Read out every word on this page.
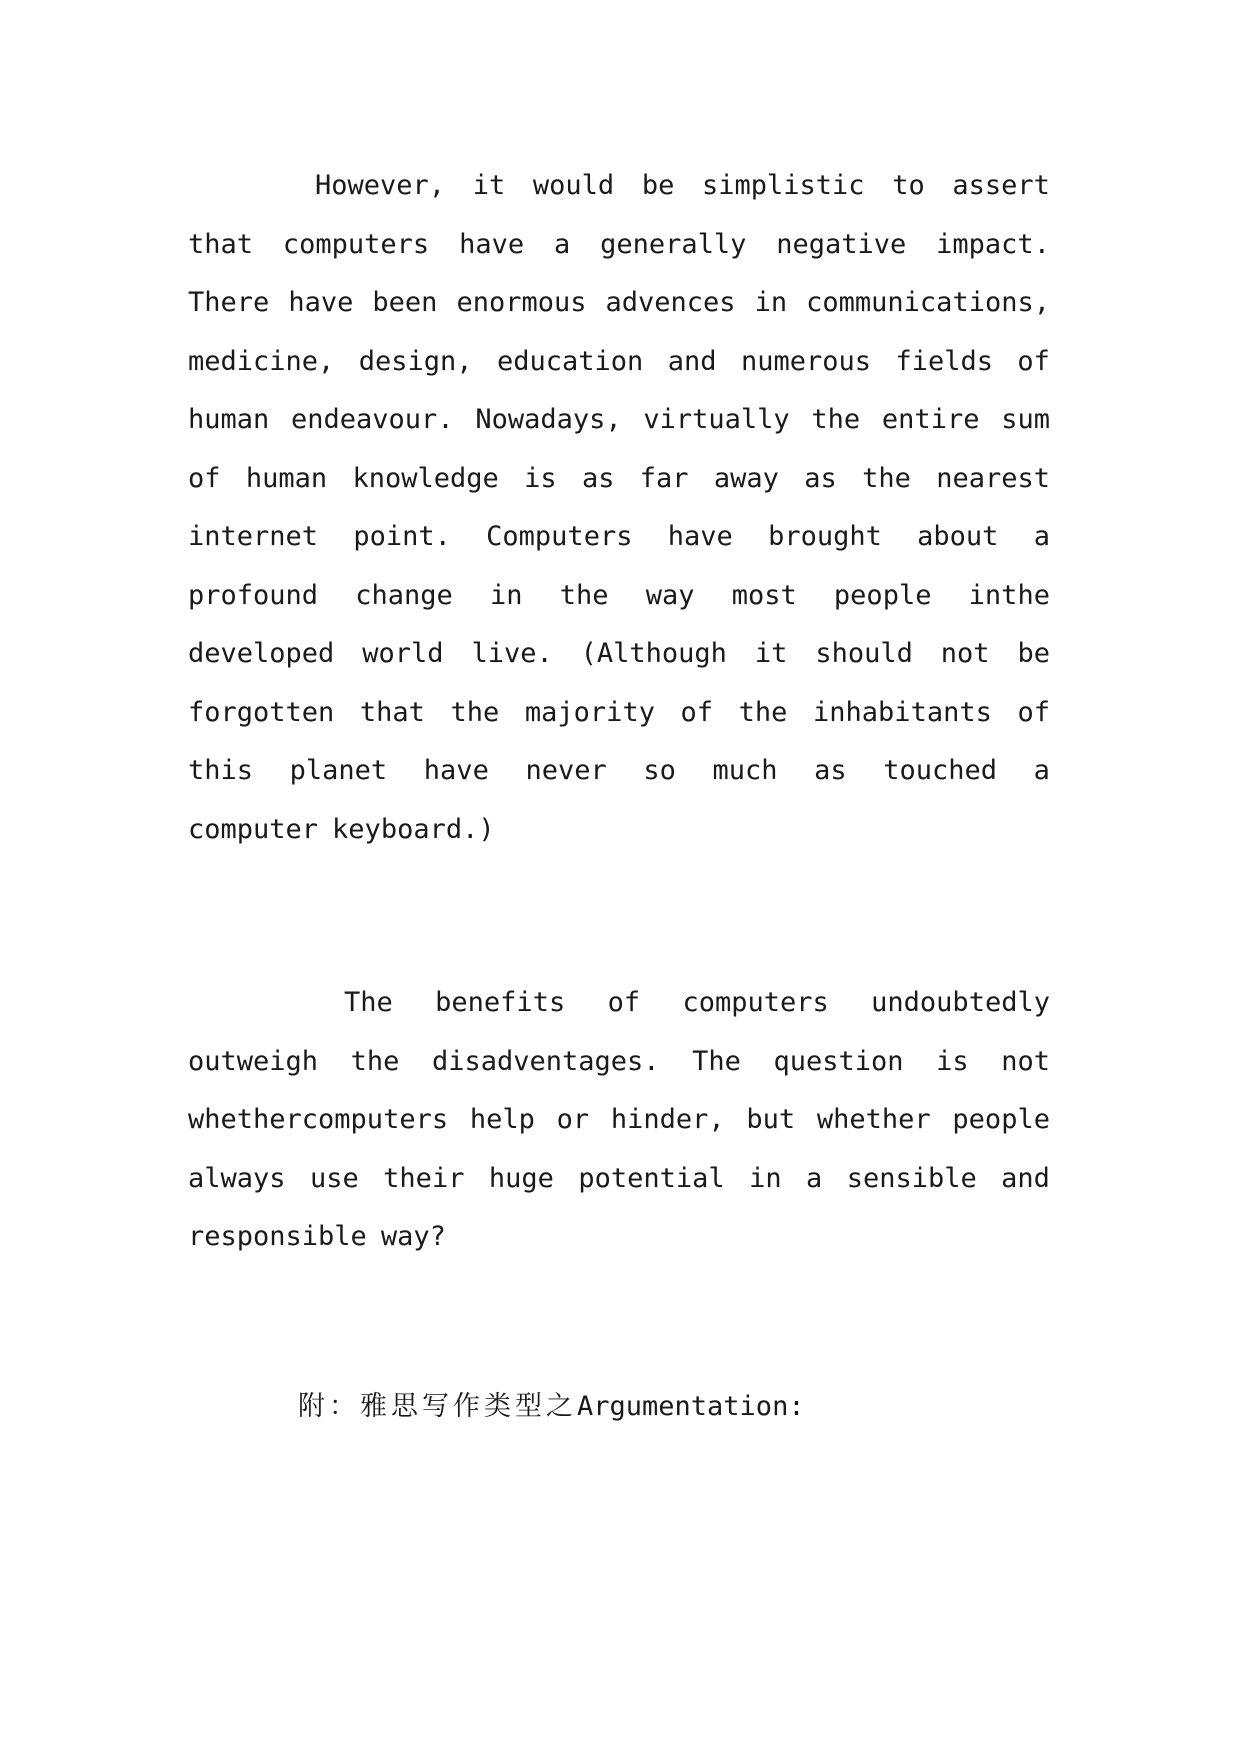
However, it would be simplistic to assert
that computers have a generally negative impact.
There have been enormous advences in communications,
medicine, design, education and numerous fields of
human endeavour. Nowadays, virtually the entire sum
of human knowledge is as far away as the nearest
internet point. Computers have brought about a
profound change in the way most people inthe
developed world live. (Although it should not be
forgotten that the majority of the inhabitants of
this planet have never so much as touched a
computer keyboard.)
The benefits of computers undoubtedly
outweigh the disadventages. The question is not
whethercomputers help or hinder, but whether people
always use their huge potential in a sensible and
responsible way?
附：雅思写作类型之Argumentation:
